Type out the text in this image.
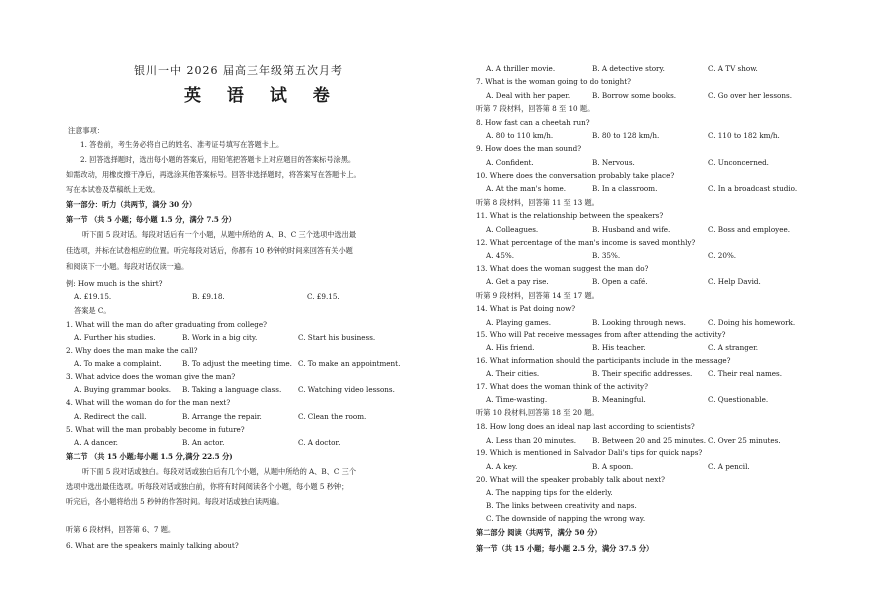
银川一中 2026 届高三年级第五次月考
英 语 试 卷
注意事项：
1. 答卷前，考生务必将自己的姓名、准考证号填写在答题卡上。
2. 回答选择题时，选出每小题的答案后，用铅笔把答题卡上对应题目的答案标号涂黑。
如需改动，用橡皮擦干净后，再选涂其他答案标号。回答非选择题时，将答案写在答题卡上。
写在本试卷及草稿纸上无效。
第一部分：听力（共两节，满分 30 分）
第一节 （共 5 小题；每小题 1.5 分，满分 7.5 分）
听下面 5 段对话。每段对话后有一个小题，从题中所给的 A、B、C 三个选项中选出最
佳选项，并标在试卷相应的位置。听完每段对话后，你都有 10 秒钟的时间来回答有关小题
和阅读下一小题。每段对话仅读一遍。
例: How much is the shirt?
A. £19.15.	B. £9.18.	C. £9.15.
答案是 C。
1. What will the man do after graduating from college?
A. Further his studies.	B. Work in a big city.	C. Start his business.
2. Why does the man make the call?
A. To make a complaint.	B. To adjust the meeting time. C. To make an appointment.
3. What advice does the woman give the man?
A. Buying grammar books. B. Taking a language class. C. Watching video lessons.
4. What will the woman do for the man next?
A. Redirect the call.	B. Arrange the repair.	C. Clean the room.
5. What will the man probably become in future?
A. A dancer.	B. An actor.	C. A doctor.
第二节 （共 15 小题;每小题 1.5 分,满分 22.5 分)
听下面 5 段对话或独白。每段对话或独白后有几个小题，从题中所给的 A、B、C 三个
选项中选出最佳选项。听每段对话或独白前，你将有时间阅读各个小题，每小题 5 秒钟；
听完后，各小题将给出 5 秒钟的作答时间。每段对话或独白读两遍。
听第 6 段材料，回答第 6、7 题。
6. What are the speakers mainly talking about?
A. A thriller movie.	B. A detective story.	C. A TV show.
7. What is the woman going to do tonight?
A. Deal with her paper.	B. Borrow some books.	C. Go over her lessons.
听第 7 段材料，回答第 8 至 10 题。
8. How fast can a cheetah run?
A. 80 to 110 km/h.	B. 80 to 128 km/h.	C. 110 to 182 km/h.
9. How does the man sound?
A. Confident.	B. Nervous.	C. Unconcerned.
10. Where does the conversation probably take place?
A. At the man's home.	B. In a classroom.	C. In a broadcast studio.
听第 8 段材料，回答第 11 至 13 题。
11. What is the relationship between the speakers?
A. Colleagues.	B. Husband and wife.	C. Boss and employee.
12. What percentage of the man's income is saved monthly?
A. 45%.	B. 35%.	C. 20%.
13. What does the woman suggest the man do?
A. Get a pay rise.	B. Open a café.	C. Help David.
听第 9 段材料，回答第 14 至 17 题。
14. What is Pat doing now?
A. Playing games.	B. Looking through news.	C. Doing his homework.
15. Who will Pat receive messages from after attending the activity?
A. His friend.	B. His teacher.	C. A stranger.
16. What information should the participants include in the message?
A. Their cities.	B. Their specific addresses. C. Their real names.
17. What does the woman think of the activity?
A. Time-wasting.	B. Meaningful.	C. Questionable.
听第 10 段材料,回答第 18 至 20 题。
18. How long does an ideal nap last according to scientists?
A. Less than 20 minutes. B. Between 20 and 25 minutes. C. Over 25 minutes.
19. Which is mentioned in Salvador Dali's tips for quick naps?
A. A key.	B. A spoon.	C. A pencil.
20. What will the speaker probably talk about next?
A. The napping tips for the elderly.
B. The links between creativity and naps.
C. The downside of napping the wrong way.
第二部分 阅读（共两节，满分 50 分）
第一节（共 15 小题；每小题 2.5 分，满分 37.5 分）
